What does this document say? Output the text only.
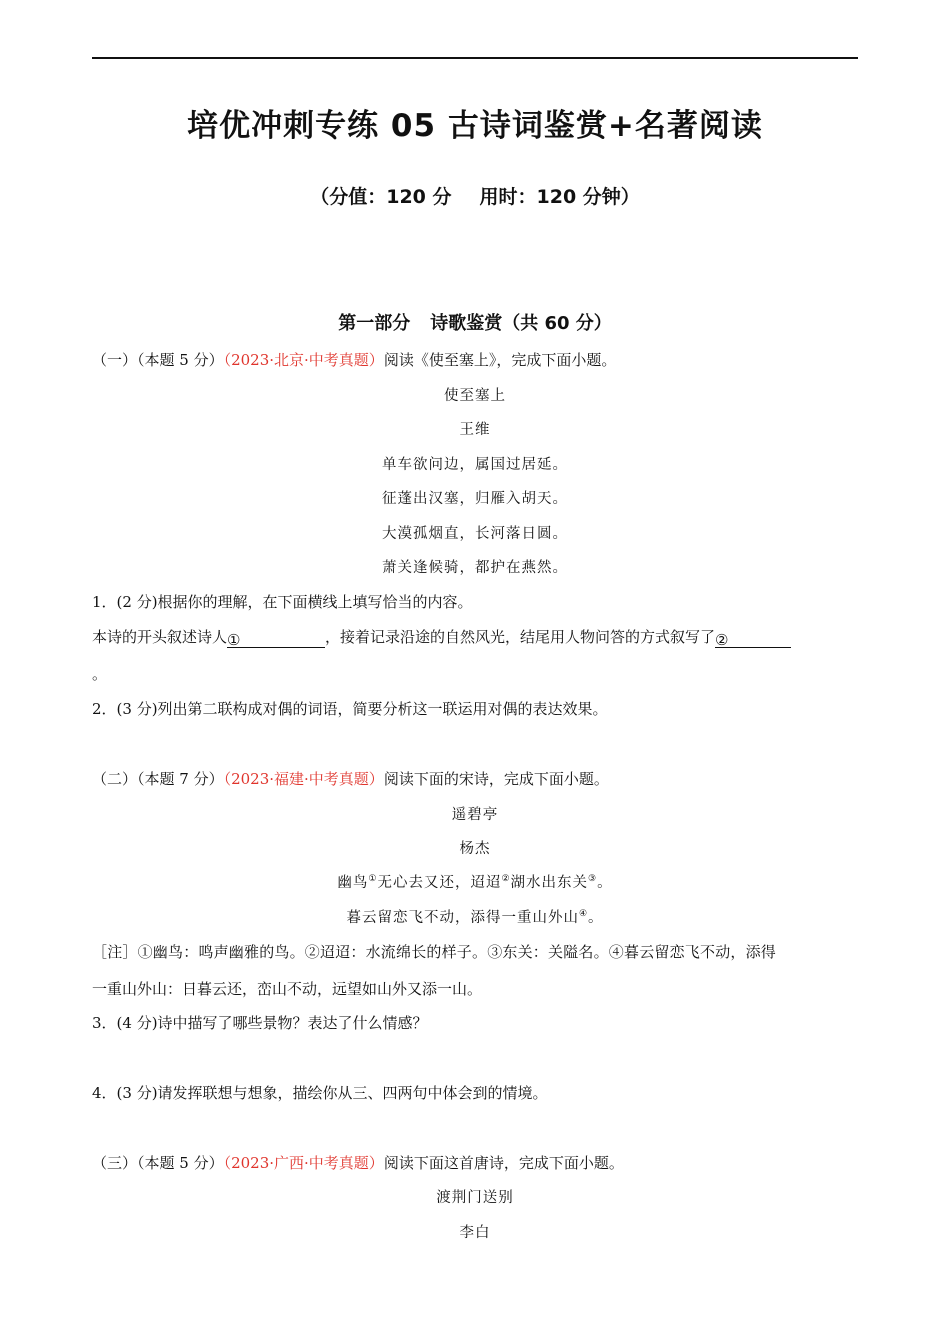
培优冲刺专练 05 古诗词鉴赏+名著阅读
（分值：120 分 用时：120 分钟）
第一部分 诗歌鉴赏（共 60 分）
（一）（本题 5 分）（2023·北京·中考真题）阅读《使至塞上》，完成下面小题。
使至塞上
王维
单车欲问边，属国过居延。
征蓬出汉塞，归雁入胡天。
大漠孤烟直，长河落日圆。
萧关逢候骑，都护在燕然。
1．(2 分)根据你的理解，在下面横线上填写恰当的内容。
本诗的开头叙述诗人①	，接着记录沿途的自然风光，结尾用人物问答的方式叙写了②
。
2．(3 分)列出第二联构成对偶的词语，简要分析这一联运用对偶的表达效果。
（二）（本题 7 分）（2023·福建·中考真题）阅读下面的宋诗，完成下面小题。
遥碧亭
杨杰
幽鸟①无心去又还，迢迢②湖水出东关③。
暮云留恋飞不动，添得一重山外山④。
［注］①幽鸟：鸣声幽雅的鸟。②迢迢：水流绵长的样子。③东关：关隘名。④暮云留恋飞不动，添得
一重山外山：日暮云还，峦山不动，远望如山外又添一山。
3．(4 分)诗中描写了哪些景物？表达了什么情感？
4．(3 分)请发挥联想与想象，描绘你从三、四两句中体会到的情境。
（三）（本题 5 分）（2023·广西·中考真题）阅读下面这首唐诗，完成下面小题。
渡荆门送别
李白
